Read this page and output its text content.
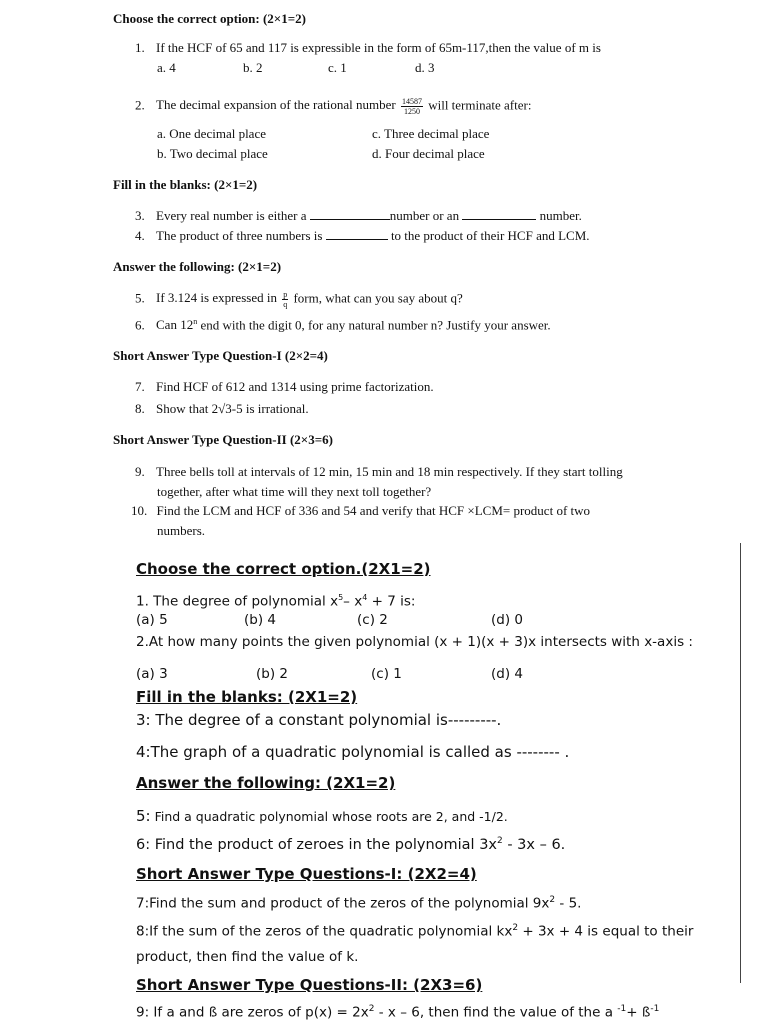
Choose the correct option: (2×1=2)
1. If the HCF of 65 and 117 is expressible in the form of 65m-117,then the value of m is
a. 4	b. 2	c. 1	d. 3
2. The decimal expansion of the rational number $\frac{14587}{1250}$ will terminate after:
a. One decimal place
b. Two decimal place
c. Three decimal place
d. Four decimal place
Fill in the blanks: (2×1=2)
3. Every real number is either a	number or an	number.
4. The product of three numbers is	to the product of their HCF and LCM.
Answer the following: (2×1=2)
5. If 3.124 is expressed in $\frac{p}{q}$ form, what can you say about q?
6. Can 12$^n$ end with the digit 0, for any natural number n? Justify your answer.
Short Answer Type Question-I (2×2=4)
7. Find HCF of 612 and 1314 using prime factorization.
8. Show that 2√3-5 is irrational.
Short Answer Type Question-II (2×3=6)
9. Three bells toll at intervals of 12 min, 15 min and 18 min respectively. If they start tolling
together, after what time will they next toll together?
10. Find the LCM and HCF of 336 and 54 and verify that HCF ×LCM= product of two
numbers.
Choose the correct option.(2X1=2)
1. The degree of polynomial $x^5-$ $x^4 + 7$ is:
(a) 5	(b) 4	(c) 2	(d) 0
2.At how many points the given polynomial (x + 1)(x + 3)x intersects with x-axis :
(a) 3	(b) 2	(c) 1	(d) 4
Fill in the blanks: (2X1=2)
3: The degree of a constant polynomial is---------.
4:The graph of a quadratic polynomial is called as -------- .
Answer the following: (2X1=2)
5: Find a quadratic polynomial whose roots are 2, and -1/2.
6: Find the product of zeroes in the polynomial $3x^2 - 3x - 6$.
Short Answer Type Questions-I: (2X2=4)
7:Find the sum and product of the zeros of the polynomial $9x^2 - 5$.
8:If the sum of the zeros of the quadratic polynomial $kx^2 + 3x + 4$ is equal to their
product, then find the value of k.
Short Answer Type Questions-II: (2X3=6)
9: If a and ß are zeros of $p(x) = 2x^2 - x - 6$, then find the value of the a $^{-1}+ ß^{-1}$
